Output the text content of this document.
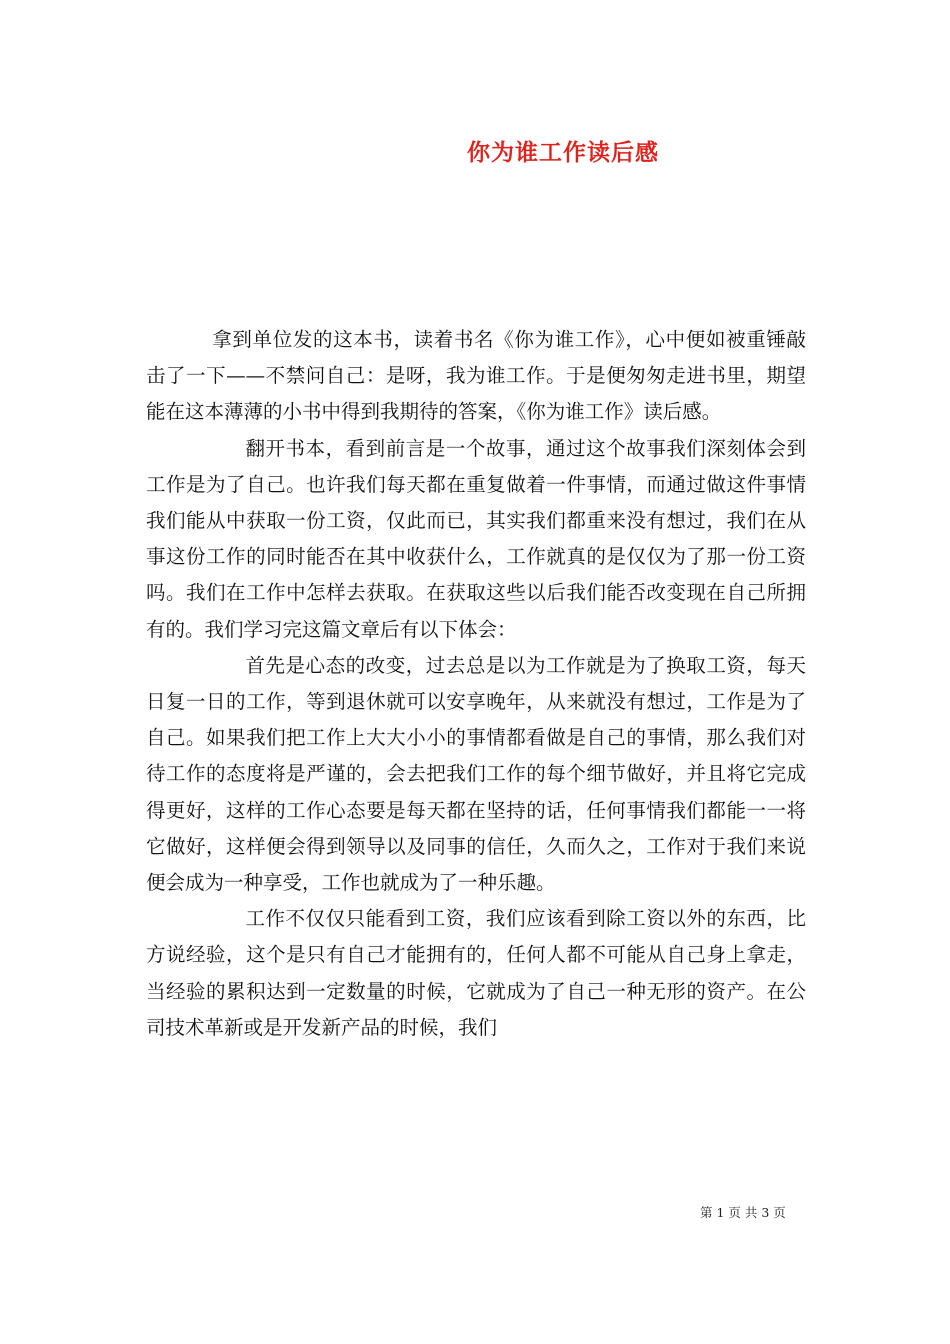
你为谁工作读后感

拿到单位发的这本书，读着书名《你为谁工作》，心中便如被重锤敲击了一下——不禁问自己：是呀，我为谁工作。于是便匆匆走进书里，期望能在这本薄薄的小书中得到我期待的答案，《你为谁工作》读后感。

翻开书本，看到前言是一个故事，通过这个故事我们深刻体会到工作是为了自己。也许我们每天都在重复做着一件事情，而通过做这件事情我们能从中获取一份工资，仅此而已，其实我们都重来没有想过，我们在从事这份工作的同时能否在其中收获什么，工作就真的是仅仅为了那一份工资吗。我们在工作中怎样去获取。在获取这些以后我们能否改变现在自己所拥有的。我们学习完这篇文章后有以下体会：

首先是心态的改变，过去总是以为工作就是为了换取工资，每天日复一日的工作，等到退休就可以安享晚年，从来就没有想过，工作是为了自己。如果我们把工作上大大小小的事情都看做是自己的事情，那么我们对待工作的态度将是严谨的，会去把我们工作的每个细节做好，并且将它完成得更好，这样的工作心态要是每天都在坚持的话，任何事情我们都能一一将它做好，这样便会得到领导以及同事的信任，久而久之，工作对于我们来说便会成为一种享受，工作也就成为了一种乐趣。

工作不仅仅只能看到工资，我们应该看到除工资以外的东西，比方说经验，这个是只有自己才能拥有的，任何人都不可能从自己身上拿走，当经验的累积达到一定数量的时候，它就成为了自己一种无形的资产。在公司技术革新或是开发新产品的时候，我们

第 1 页 共 3 页
